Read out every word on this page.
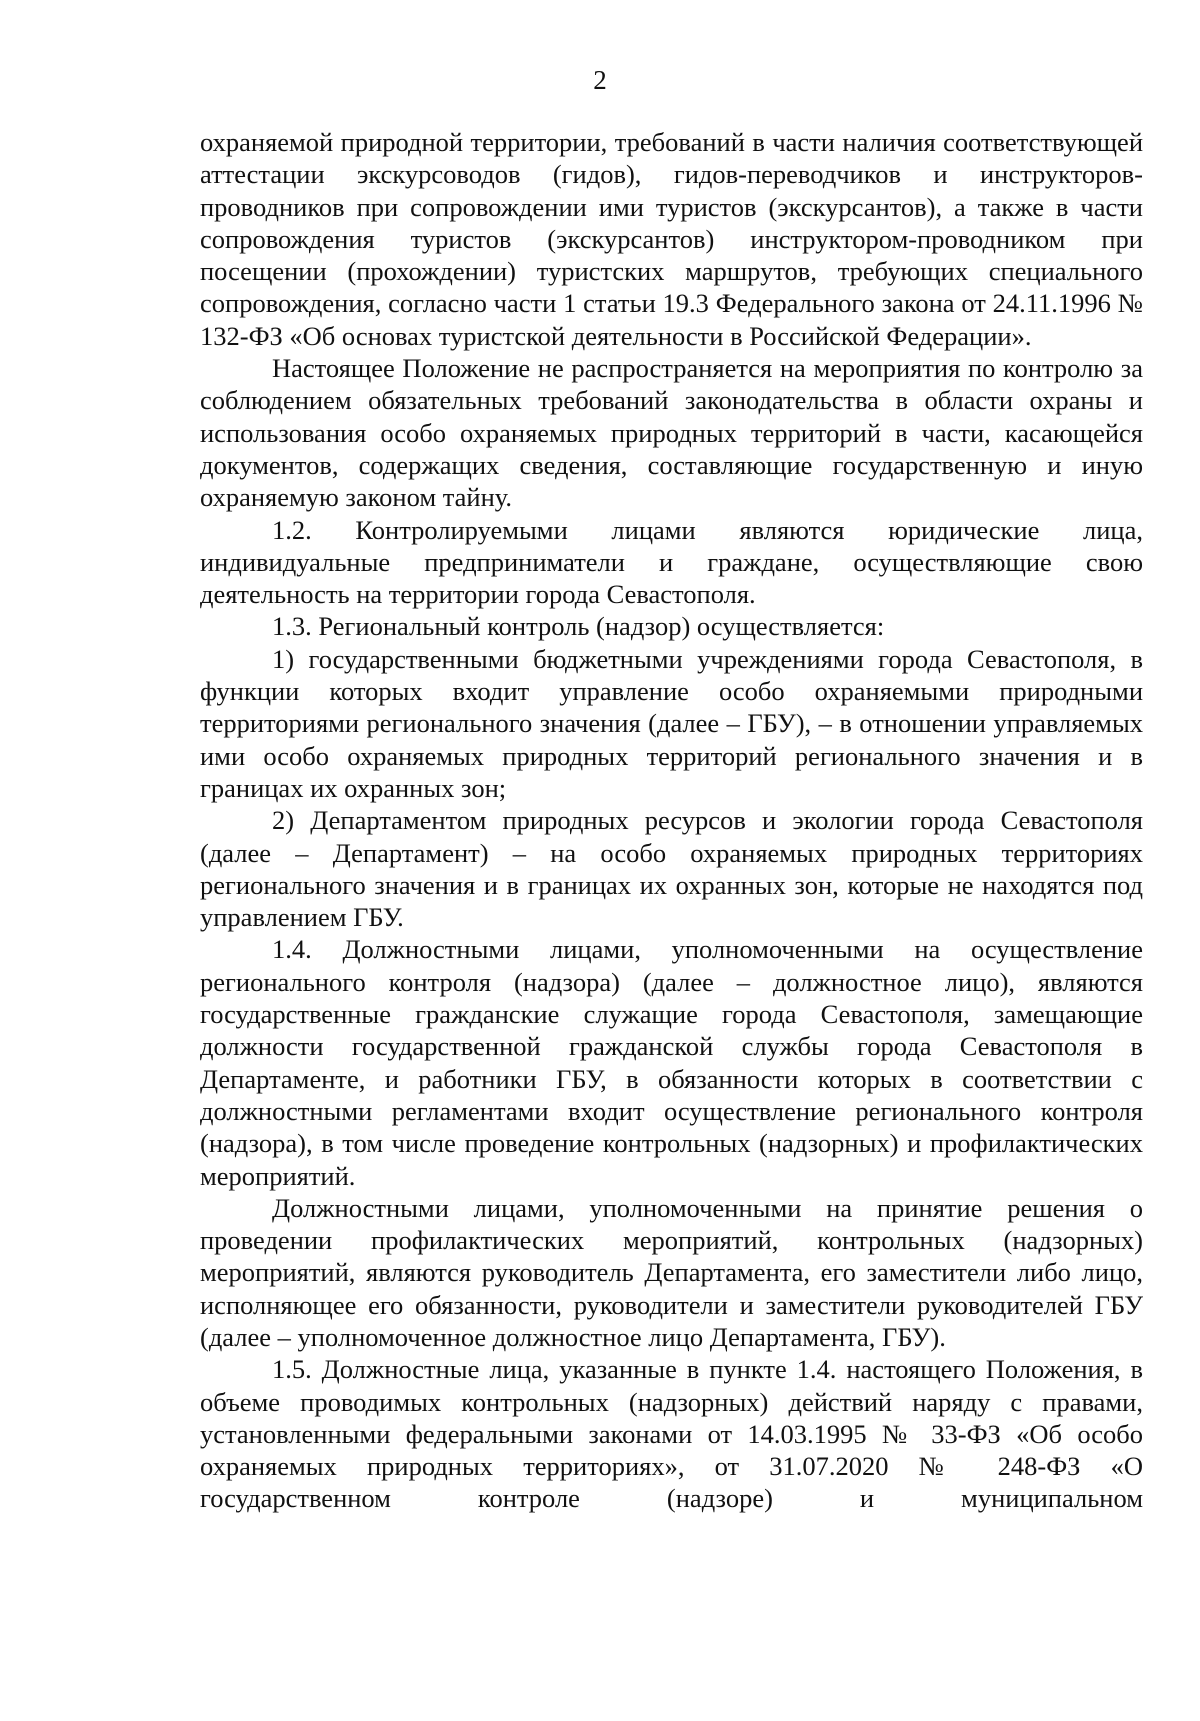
2

охраняемой природной территории, требований в части наличия соответствующей аттестации экскурсоводов (гидов), гидов-переводчиков и инструкторов-проводников при сопровождении ими туристов (экскурсантов), а также в части сопровождения туристов (экскурсантов) инструктором-проводником при посещении (прохождении) туристских маршрутов, требующих специального сопровождения, согласно части 1 статьи 19.3 Федерального закона от 24.11.1996 № 132-ФЗ «Об основах туристской деятельности в Российской Федерации».

Настоящее Положение не распространяется на мероприятия по контролю за соблюдением обязательных требований законодательства в области охраны и использования особо охраняемых природных территорий в части, касающейся документов, содержащих сведения, составляющие государственную и иную охраняемую законом тайну.

1.2. Контролируемыми лицами являются юридические лица, индивидуальные предприниматели и граждане, осуществляющие свою деятельность на территории города Севастополя.

1.3. Региональный контроль (надзор) осуществляется:

1) государственными бюджетными учреждениями города Севастополя, в функции которых входит управление особо охраняемыми природными территориями регионального значения (далее – ГБУ), – в отношении управляемых ими особо охраняемых природных территорий регионального значения и в границах их охранных зон;

2) Департаментом природных ресурсов и экологии города Севастополя (далее – Департамент) – на особо охраняемых природных территориях регионального значения и в границах их охранных зон, которые не находятся под управлением ГБУ.

1.4. Должностными лицами, уполномоченными на осуществление регионального контроля (надзора) (далее – должностное лицо), являются государственные гражданские служащие города Севастополя, замещающие должности государственной гражданской службы города Севастополя в Департаменте, и работники ГБУ, в обязанности которых в соответствии с должностными регламентами входит осуществление регионального контроля (надзора), в том числе проведение контрольных (надзорных) и профилактических мероприятий.

Должностными лицами, уполномоченными на принятие решения о проведении профилактических мероприятий, контрольных (надзорных) мероприятий, являются руководитель Департамента, его заместители либо лицо, исполняющее его обязанности, руководители и заместители руководителей ГБУ (далее – уполномоченное должностное лицо Департамента, ГБУ).

1.5. Должностные лица, указанные в пункте 1.4. настоящего Положения, в объеме проводимых контрольных (надзорных) действий наряду с правами, установленными федеральными законами от 14.03.1995 № 33-ФЗ «Об особо охраняемых природных территориях», от 31.07.2020 № 248-ФЗ «О государственном контроле (надзоре) и муниципальном
